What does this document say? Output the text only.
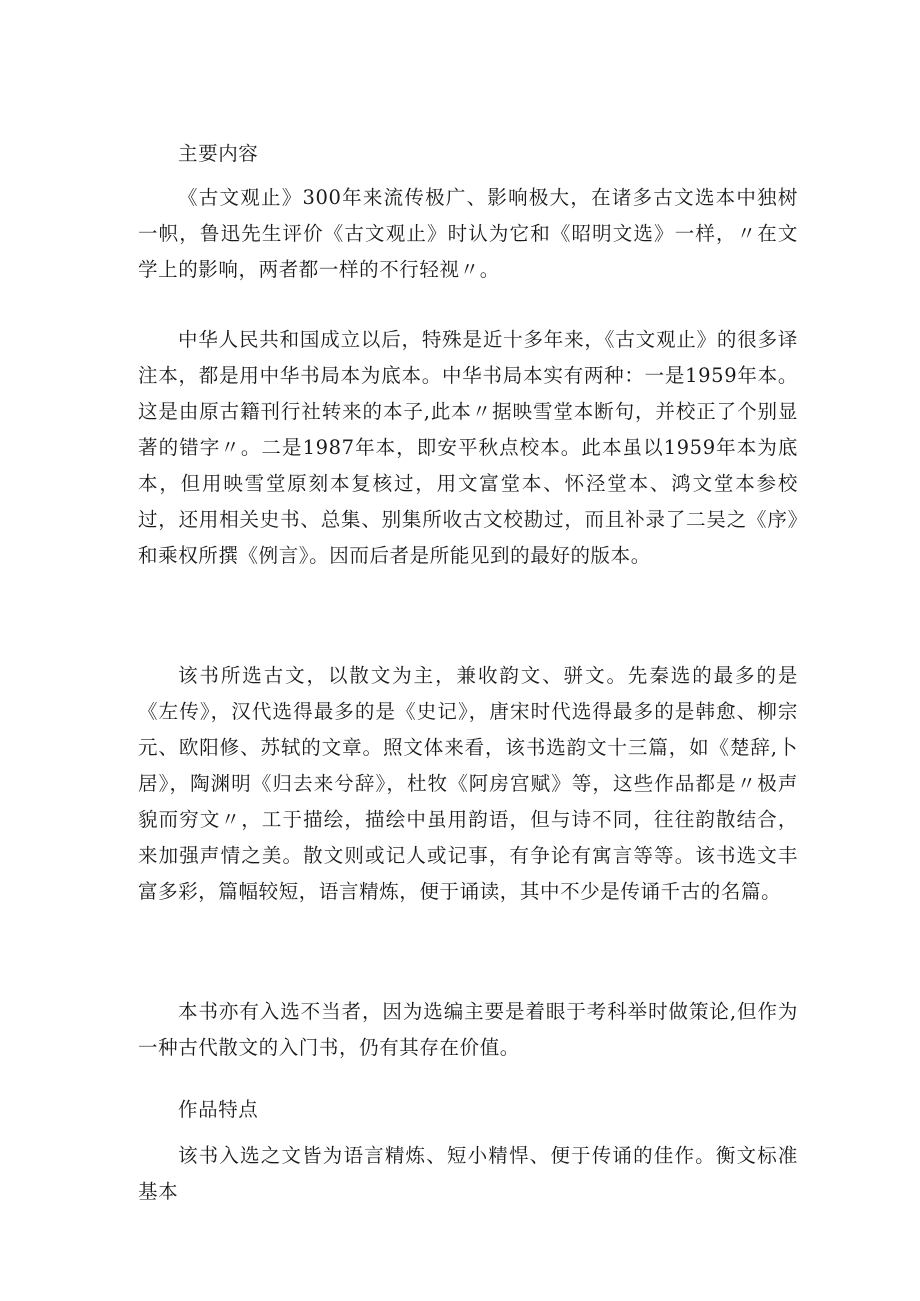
主要内容

《古文观止》300年来流传极广、影响极大，在诸多古文选本中独树一帜，鲁迅先生评价《古文观止》时认为它和《昭明文选》一样，〃在文学上的影响，两者都一样的不行轻视〃。

中华人民共和国成立以后，特殊是近十多年来，《古文观止》的很多译注本，都是用中华书局本为底本。中华书局本实有两种：一是1959年本。这是由原古籍刊行社转来的本子,此本〃据映雪堂本断句，并校正了个别显著的错字〃。二是1987年本，即安平秋点校本。此本虽以1959年本为底本，但用映雪堂原刻本复核过，用文富堂本、怀泾堂本、鸿文堂本参校过，还用相关史书、总集、别集所收古文校勘过，而且补录了二吴之《序》和乘权所撰《例言》。因而后者是所能见到的最好的版本。

该书所选古文，以散文为主，兼收韵文、骈文。先秦选的最多的是《左传》，汉代选得最多的是《史记》，唐宋时代选得最多的是韩愈、柳宗元、欧阳修、苏轼的文章。照文体来看，该书选韵文十三篇，如《楚辞,卜居》，陶渊明《归去来兮辞》，杜牧《阿房宫赋》等，这些作品都是〃极声貌而穷文〃，工于描绘，描绘中虽用韵语，但与诗不同，往往韵散结合，来加强声情之美。散文则或记人或记事，有争论有寓言等等。该书选文丰富多彩，篇幅较短，语言精炼，便于诵读，其中不少是传诵千古的名篇。

本书亦有入选不当者，因为选编主要是着眼于考科举时做策论,但作为一种古代散文的入门书，仍有其存在价值。

作品特点

该书入选之文皆为语言精炼、短小精悍、便于传诵的佳作。衡文标准基本
